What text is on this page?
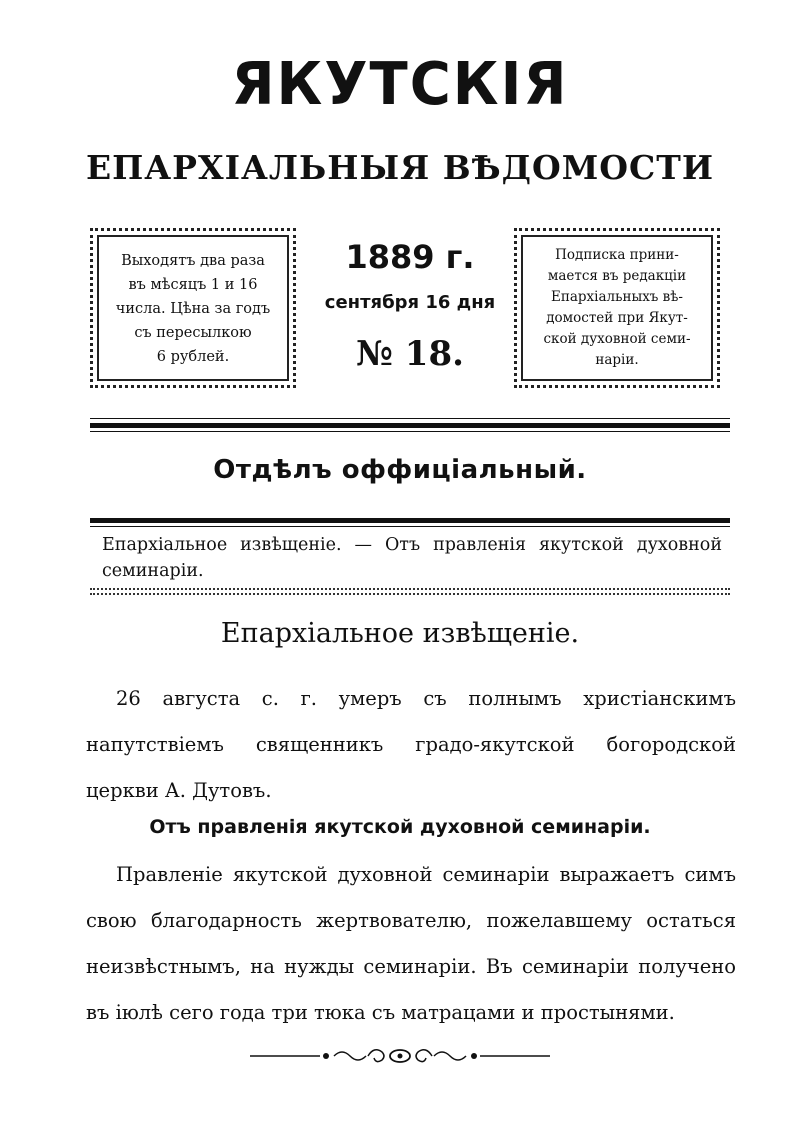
ЯКУТСКІЯ
ЕПАРХІАЛЬНЫЯ ВѢДОМОСТИ
Выходятъ два раза
въ мѣсяцъ 1 и 16
числа. Цѣна за годъ
съ пересылкою
6 рублей.
1889 г.
сентября 16 дня
№ 18.
Подписка прини-
мается въ редакціи
Епархіальныхъ вѣ-
домостей при Якут-
ской духовной семи-
наріи.
Отдѣлъ оффиціальный.
Епархіальное извѣщеніе. — Отъ правленія якутской духовной семинаріи.
Епархіальное извѣщеніе.
26 августа с. г. умеръ съ полнымъ христіанскимъ напутствіемъ священникъ градо-якутской богородской церкви А. Дутовъ.
Отъ правленія якутской духовной семинаріи.
Правленіе якутской духовной семинаріи выражаетъ симъ свою благодарность жертвователю, пожелавшему остаться неизвѣстнымъ, на нужды семинаріи. Въ семинаріи получено въ іюлѣ сего года три тюка съ матрацами и простынями.
